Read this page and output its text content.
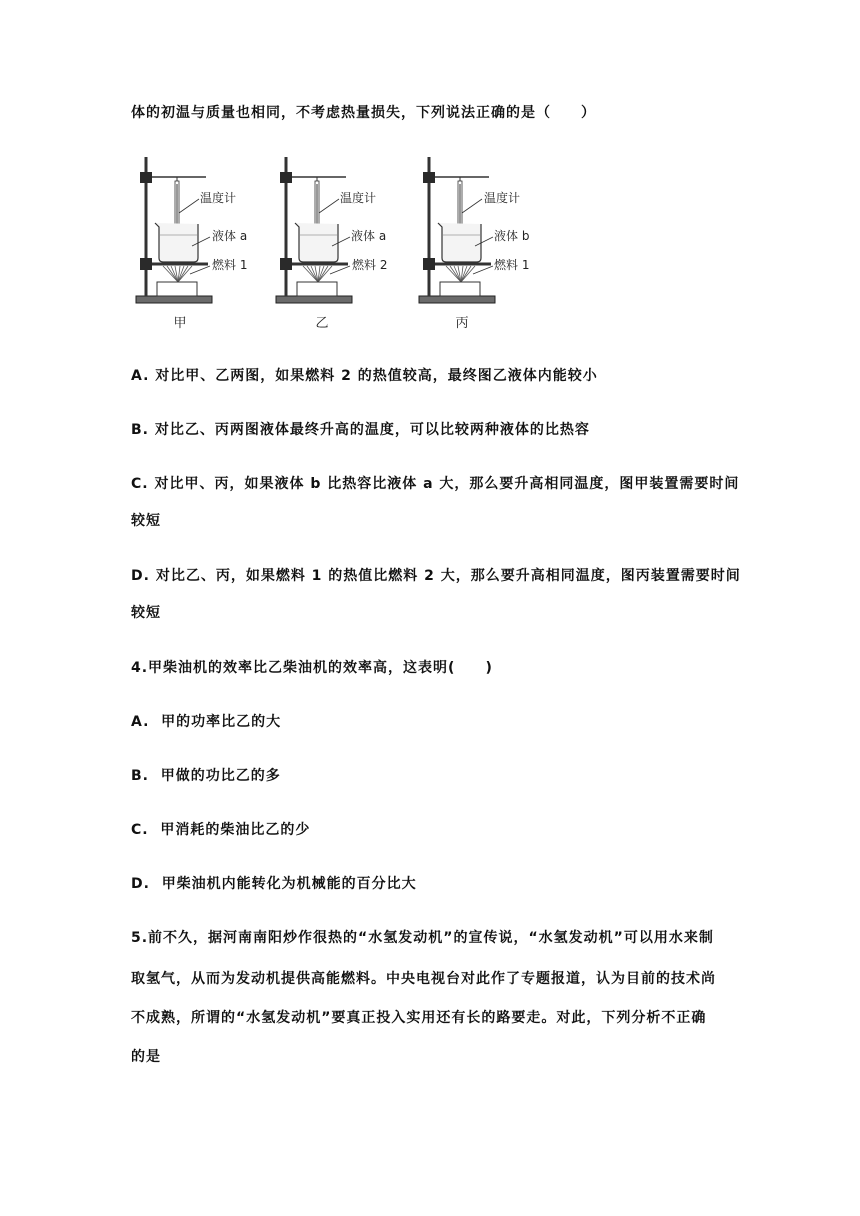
体的初温与质量也相同，不考虑热量损失，下列说法正确的是（　　）
温度计
液体 a
燃料 1
甲
温度计
液体 a
燃料 2
乙
温度计
液体 b
燃料 1
丙
A. 对比甲、乙两图，如果燃料 2 的热值较高，最终图乙液体内能较小
B. 对比乙、丙两图液体最终升高的温度，可以比较两种液体的比热容
C. 对比甲、丙，如果液体 b 比热容比液体 a 大，那么要升高相同温度，图甲装置需要时间
较短
D. 对比乙、丙，如果燃料 1 的热值比燃料 2 大，那么要升高相同温度，图丙装置需要时间
较短
4.甲柴油机的效率比乙柴油机的效率高，这表明(　　)
A.  甲的功率比乙的大
B.  甲做的功比乙的多
C.  甲消耗的柴油比乙的少
D.  甲柴油机内能转化为机械能的百分比大
5.前不久，据河南南阳炒作很热的“水氢发动机”的宣传说，“水氢发动机”可以用水来制
取氢气，从而为发动机提供高能燃料。中央电视台对此作了专题报道，认为目前的技术尚
不成熟，所谓的“水氢发动机”要真正投入实用还有长的路要走。对此，下列分析不正确
的是
